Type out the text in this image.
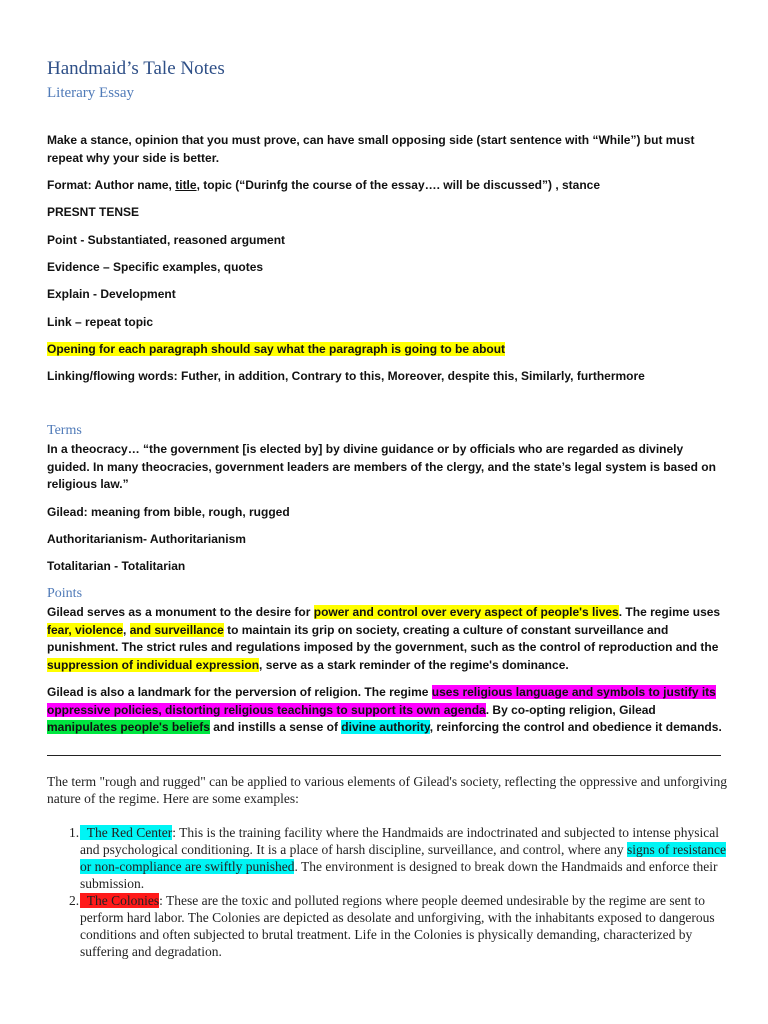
Handmaid’s Tale Notes
Literary Essay

Make a stance, opinion that you must prove, can have small opposing side (start sentence with “While”) but must repeat why your side is better.

Format: Author name, title, topic (“Durinfg the course of the essay…. will be discussed”) , stance

PRESNT TENSE

Point - Substantiated, reasoned argument

Evidence – Specific examples, quotes

Explain - Development

Link – repeat topic

Opening for each paragraph should say what the paragraph is going to be about

Linking/flowing words: Futher, in addition, Contrary to this, Moreover, despite this, Similarly, furthermore

Terms

In a theocracy… “the government [is elected by] by divine guidance or by officials who are regarded as divinely guided. In many theocracies, government leaders are members of the clergy, and the state’s legal system is based on religious law.”

Gilead: meaning from bible, rough, rugged

Authoritarianism- Authoritarianism

Totalitarian - Totalitarian

Points

Gilead serves as a monument to the desire for power and control over every aspect of people's lives. The regime uses fear, violence, and surveillance to maintain its grip on society, creating a culture of constant surveillance and punishment. The strict rules and regulations imposed by the government, such as the control of reproduction and the suppression of individual expression, serve as a stark reminder of the regime's dominance.

Gilead is also a landmark for the perversion of religion. The regime uses religious language and symbols to justify its oppressive policies, distorting religious teachings to support its own agenda. By co-opting religion, Gilead manipulates people's beliefs and instills a sense of divine authority, reinforcing the control and obedience it demands.

The term "rough and rugged" can be applied to various elements of Gilead's society, reflecting the oppressive and unforgiving nature of the regime. Here are some examples:

1. The Red Center: This is the training facility where the Handmaids are indoctrinated and subjected to intense physical and psychological conditioning. It is a place of harsh discipline, surveillance, and control, where any signs of resistance or non-compliance are swiftly punished. The environment is designed to break down the Handmaids and enforce their submission.
2. The Colonies: These are the toxic and polluted regions where people deemed undesirable by the regime are sent to perform hard labor. The Colonies are depicted as desolate and unforgiving, with the inhabitants exposed to dangerous conditions and often subjected to brutal treatment. Life in the Colonies is physically demanding, characterized by suffering and degradation.
